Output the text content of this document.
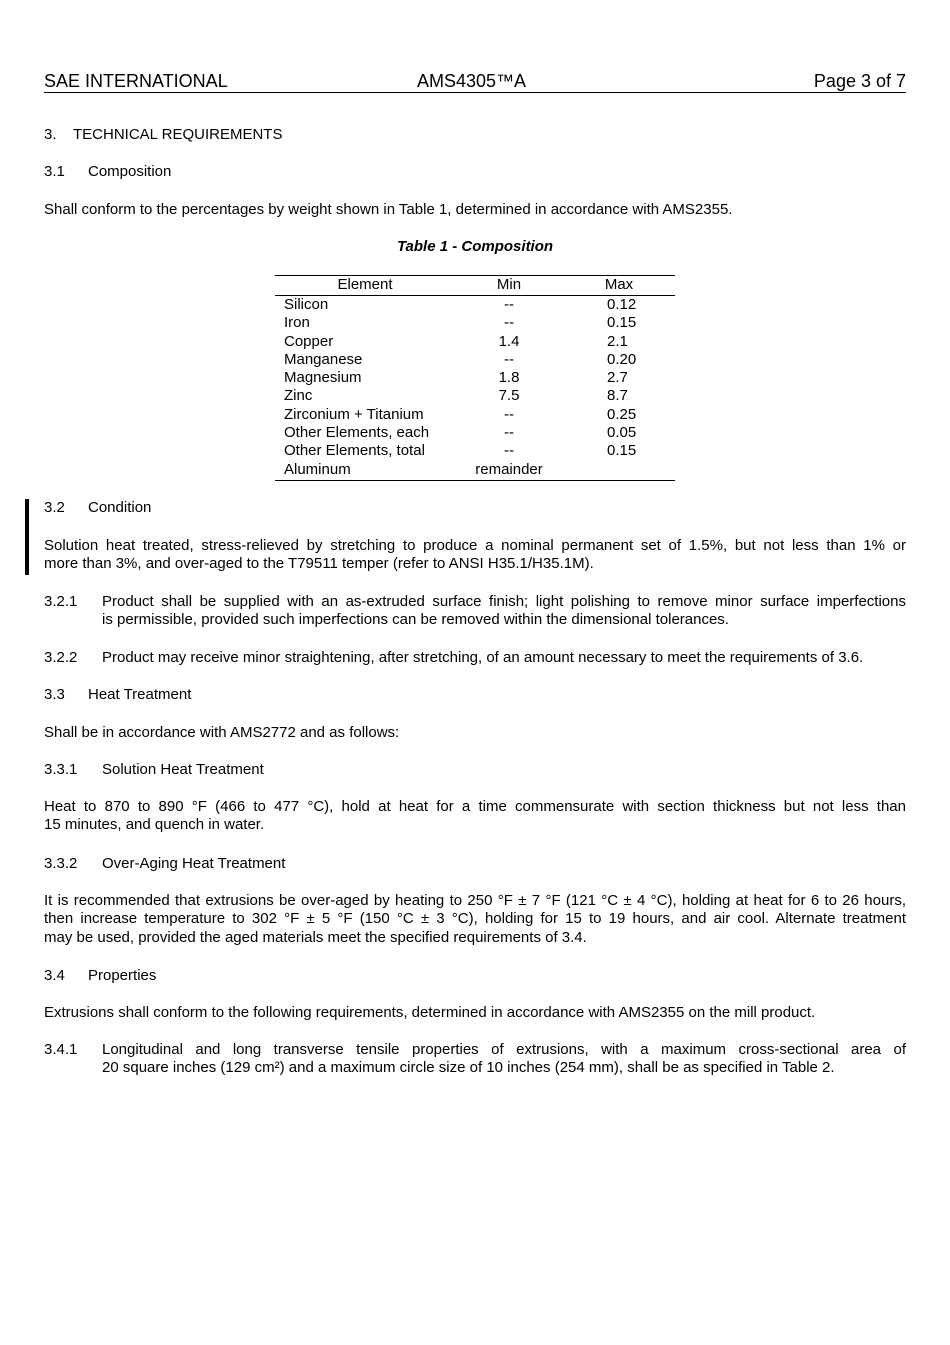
SAE INTERNATIONAL	AMS4305™A	Page 3 of 7
3. TECHNICAL REQUIREMENTS
3.1 Composition
Shall conform to the percentages by weight shown in Table 1, determined in accordance with AMS2355.
Table 1 - Composition
Element	Min	Max
Silicon	--	0.12
Iron	--	0.15
Copper	1.4	2.1
Manganese	--	0.20
Magnesium	1.8	2.7
Zinc	7.5	8.7
Zirconium + Titanium	--	0.25
Other Elements, each	--	0.05
Other Elements, total	--	0.15
Aluminum	remainder
3.2 Condition
Solution heat treated, stress-relieved by stretching to produce a nominal permanent set of 1.5%, but not less than 1% or
more than 3%, and over-aged to the T79511 temper (refer to ANSI H35.1/H35.1M).
3.2.1 Product shall be supplied with an as-extruded surface finish; light polishing to remove minor surface imperfections
is permissible, provided such imperfections can be removed within the dimensional tolerances.
3.2.2 Product may receive minor straightening, after stretching, of an amount necessary to meet the requirements of 3.6.
3.3 Heat Treatment
Shall be in accordance with AMS2772 and as follows:
3.3.1 Solution Heat Treatment
Heat to 870 to 890 °F (466 to 477 °C), hold at heat for a time commensurate with section thickness but not less than
15 minutes, and quench in water.
3.3.2 Over-Aging Heat Treatment
It is recommended that extrusions be over-aged by heating to 250 °F ± 7 °F (121 °C ± 4 °C), holding at heat for 6 to 26 hours,
then increase temperature to 302 °F ± 5 °F (150 °C ± 3 °C), holding for 15 to 19 hours, and air cool. Alternate treatment
may be used, provided the aged materials meet the specified requirements of 3.4.
3.4 Properties
Extrusions shall conform to the following requirements, determined in accordance with AMS2355 on the mill product.
3.4.1 Longitudinal and long transverse tensile properties of extrusions, with a maximum cross-sectional area of
20 square inches (129 cm²) and a maximum circle size of 10 inches (254 mm), shall be as specified in Table 2.
